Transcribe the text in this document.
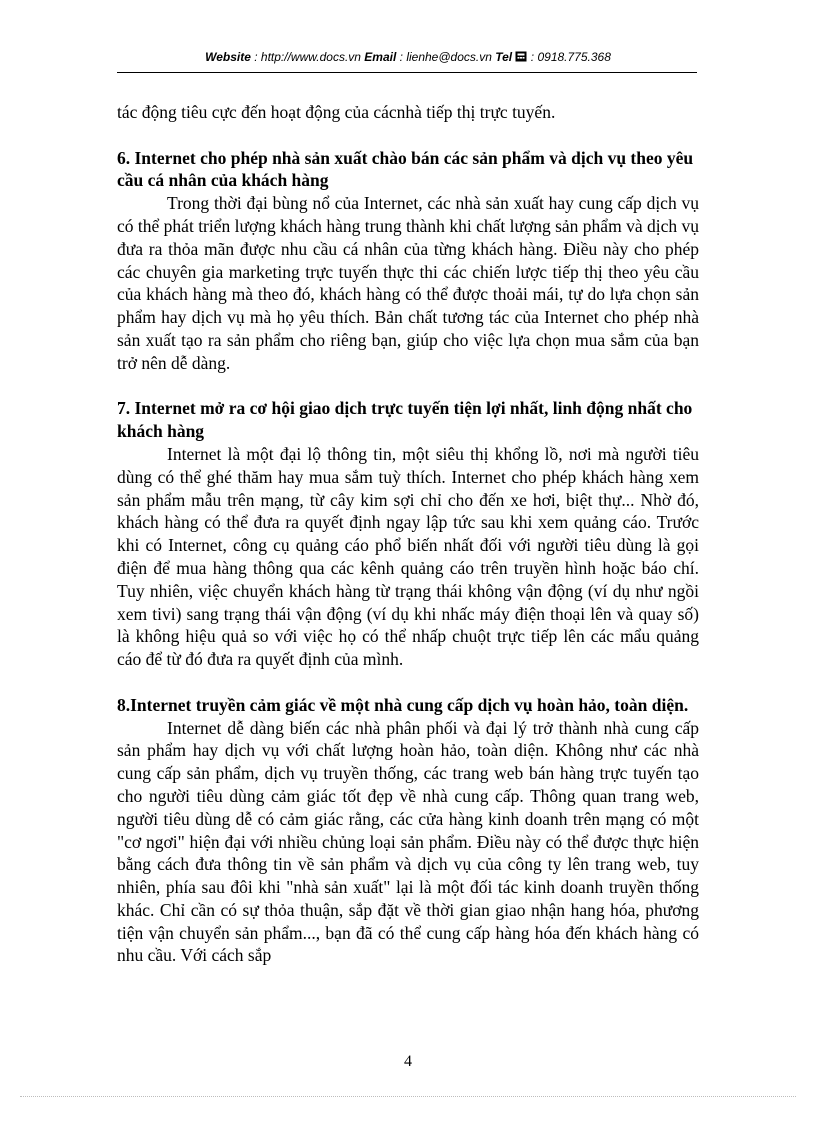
Website : http://www.docs.vn Email : lienhe@docs.vn Tel  : 0918.775.368

tác động tiêu cực đến hoạt động của cácnhà tiếp thị trực tuyến.

6. Internet cho phép nhà sản xuất chào bán các sản phẩm và dịch vụ theo yêu cầu cá nhân của khách hàng

Trong thời đại bùng nổ của Internet, các nhà sản xuất hay cung cấp dịch vụ có thể phát triển lượng khách hàng trung thành khi chất lượng sản phẩm và dịch vụ đưa ra thỏa mãn được nhu cầu cá nhân của từng khách hàng. Điều này cho phép các chuyên gia marketing trực tuyến thực thi các chiến lược tiếp thị theo yêu cầu của khách hàng mà theo đó, khách hàng có thể được thoải mái, tự do lựa chọn sản phẩm hay dịch vụ mà họ yêu thích. Bản chất tương tác của Internet cho phép nhà sản xuất tạo ra sản phẩm cho riêng bạn, giúp cho việc lựa chọn mua sắm của bạn trở nên dễ dàng.

7. Internet mở ra cơ hội giao dịch trực tuyến tiện lợi nhất, linh động nhất cho khách hàng

Internet là một đại lộ thông tin, một siêu thị khổng lồ, nơi mà người tiêu dùng có thể ghé thăm hay mua sắm tuỳ thích. Internet cho phép khách hàng xem sản phẩm mẫu trên mạng, từ cây kim sợi chỉ cho đến xe hơi, biệt thự... Nhờ đó, khách hàng có thể đưa ra quyết định ngay lập tức sau khi xem quảng cáo. Trước khi có Internet, công cụ quảng cáo phổ biến nhất đối với người tiêu dùng là gọi điện để mua hàng thông qua các kênh quảng cáo trên truyền hình hoặc báo chí. Tuy nhiên, việc chuyển khách hàng từ trạng thái không vận động (ví dụ như ngồi xem tivi) sang trạng thái vận động (ví dụ khi nhấc máy điện thoại lên và quay số) là không hiệu quả so với việc họ có thể nhấp chuột trực tiếp lên các mẩu quảng cáo để từ đó đưa ra quyết định của mình.

8.Internet truyền cảm giác về một nhà cung cấp dịch vụ hoàn hảo, toàn diện.

Internet dễ dàng biến các nhà phân phối và đại lý trở thành nhà cung cấp sản phẩm hay dịch vụ với chất lượng hoàn hảo, toàn diện. Không như các nhà cung cấp sản phẩm, dịch vụ truyền thống, các trang web bán hàng trực tuyến tạo cho người tiêu dùng cảm giác tốt đẹp về nhà cung cấp. Thông quan trang web, người tiêu dùng dễ có cảm giác rằng, các cửa hàng kinh doanh trên mạng có một "cơ ngơi" hiện đại với nhiều chủng loại sản phẩm. Điều này có thể được thực hiện bằng cách đưa thông tin về sản phẩm và dịch vụ của công ty lên trang web, tuy nhiên, phía sau đôi khi "nhà sản xuất" lại là một đối tác kinh doanh truyền thống khác. Chỉ cần có sự thỏa thuận, sắp đặt về thời gian giao nhận hang hóa, phương tiện vận chuyển sản phẩm..., bạn đã có thể cung cấp hàng hóa đến khách hàng có nhu cầu. Với cách sắp

4
